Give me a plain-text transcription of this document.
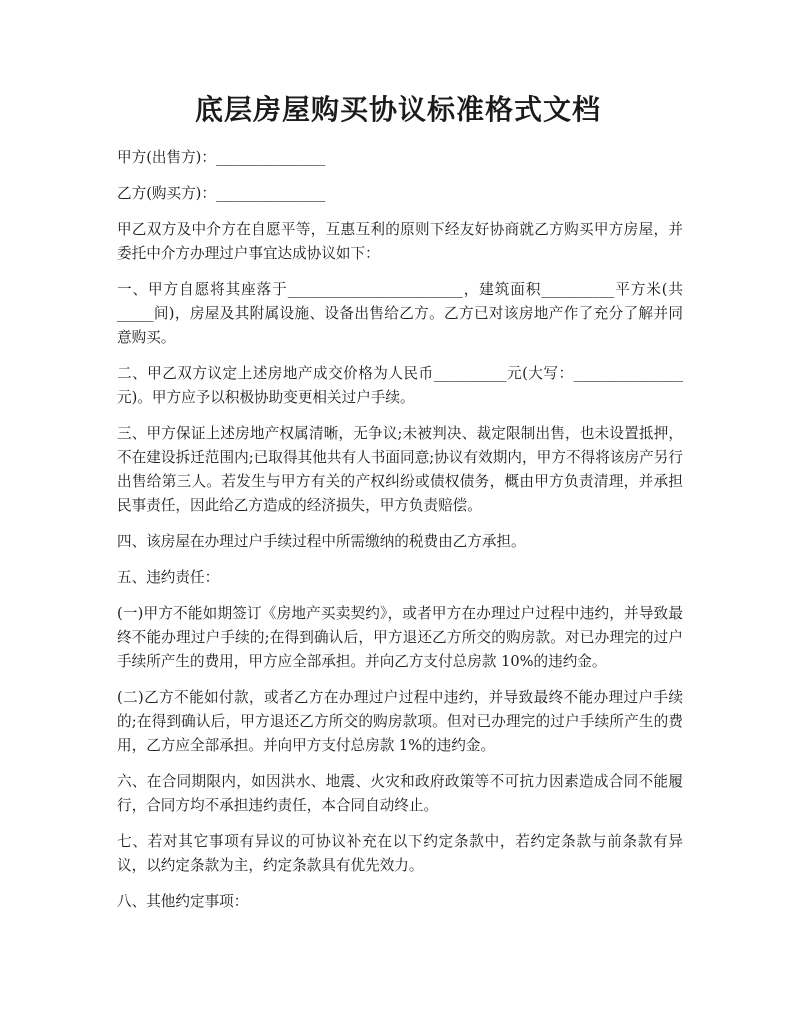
底层房屋购买协议标准格式文档

甲方(出售方)：_______________

乙方(购买方)：_______________

甲乙双方及中介方在自愿平等，互惠互利的原则下经友好协商就乙方购买甲方房屋，并委托中介方办理过户事宜达成协议如下：

一、甲方自愿将其座落于________________________，建筑面积__________平方米(共_____间)，房屋及其附属设施、设备出售给乙方。乙方已对该房地产作了充分了解并同意购买。

二、甲乙双方议定上述房地产成交价格为人民币__________元(大写：_______________元)。甲方应予以积极协助变更相关过户手续。

三、甲方保证上述房地产权属清晰，无争议;未被判决、裁定限制出售，也未设置抵押，不在建设拆迁范围内;已取得其他共有人书面同意;协议有效期内，甲方不得将该房产另行出售给第三人。若发生与甲方有关的产权纠纷或债权债务，概由甲方负责清理，并承担民事责任，因此给乙方造成的经济损失，甲方负责赔偿。

四、该房屋在办理过户手续过程中所需缴纳的税费由乙方承担。

五、违约责任：

(一)甲方不能如期签订《房地产买卖契约》，或者甲方在办理过户过程中违约，并导致最终不能办理过户手续的;在得到确认后，甲方退还乙方所交的购房款。对已办理完的过户手续所产生的费用，甲方应全部承担。并向乙方支付总房款 10%的违约金。

(二)乙方不能如付款，或者乙方在办理过户过程中违约，并导致最终不能办理过户手续的;在得到确认后，甲方退还乙方所交的购房款项。但对已办理完的过户手续所产生的费用，乙方应全部承担。并向甲方支付总房款 1%的违约金。

六、在合同期限内，如因洪水、地震、火灾和政府政策等不可抗力因素造成合同不能履行，合同方均不承担违约责任，本合同自动终止。

七、若对其它事项有异议的可协议补充在以下约定条款中，若约定条款与前条款有异议，以约定条款为主，约定条款具有优先效力。

八、其他约定事项：
